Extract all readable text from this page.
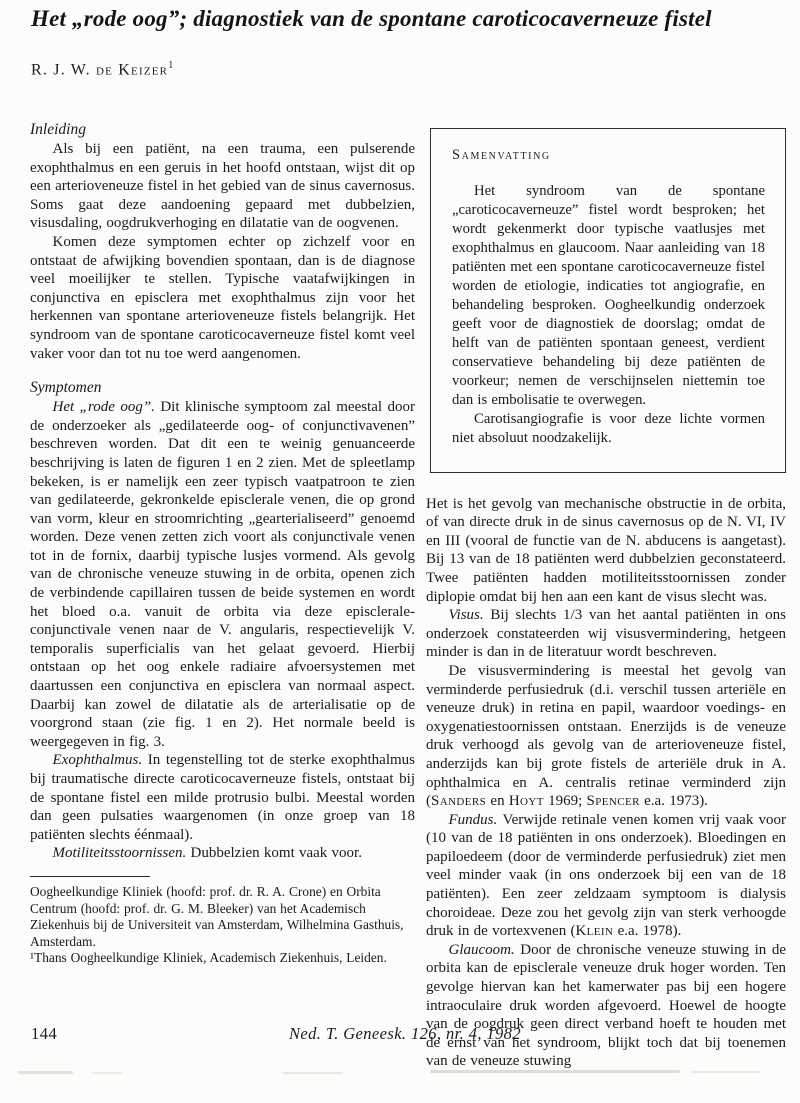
Het „rode oog”; diagnostiek van de spontane caroticocaverneuze fistel
R. J. W. de Keizer$^1$
Inleiding

Als bij een patiënt, na een trauma, een pulserende exophthalmus en een geruis in het hoofd ontstaan, wijst dit op een arterioveneuze fistel in het gebied van de sinus cavernosus. Soms gaat deze aandoening gepaard met dubbelzien, visusdaling, oogdrukverhoging en dilatatie van de oogvenen.

Komen deze symptomen echter op zichzelf voor en ontstaat de afwijking bovendien spontaan, dan is de diagnose veel moeilijker te stellen. Typische vaatafwijkingen in conjunctiva en episclera met exophthalmus zijn voor het herkennen van spontane arterioveneuze fistels belangrijk. Het syndroom van de spontane caroticocaverneuze fistel komt veel vaker voor dan tot nu toe werd aangenomen.

Symptomen

Het „rode oog”. Dit klinische symptoom zal meestal door de onderzoeker als „gedilateerde oog- of conjunctivavenen” beschreven worden. Dat dit een te weinig genuanceerde beschrijving is laten de figuren 1 en 2 zien. Met de spleetlamp bekeken, is er namelijk een zeer typisch vaatpatroon te zien van gedilateerde, gekronkelde episclerale venen, die op grond van vorm, kleur en stroomrichting „gearterialiseerd” genoemd worden. Deze venen zetten zich voort als conjunctivale venen tot in de fornix, daarbij typische lusjes vormend. Als gevolg van de chronische veneuze stuwing in de orbita, openen zich de verbindende capillairen tussen de beide systemen en wordt het bloed o.a. vanuit de orbita via deze episclerale-conjunctivale venen naar de V. angularis, respectievelijk V. temporalis superficialis van het gelaat gevoerd. Hierbij ontstaan op het oog enkele radiaire afvoersystemen met daartussen een conjunctiva en episclera van normaal aspect. Daarbij kan zowel de dilatatie als de arterialisatie op de voorgrond staan (zie fig. 1 en 2). Het normale beeld is weergegeven in fig. 3.

Exophthalmus. In tegenstelling tot de sterke exophthalmus bij traumatische directe caroticocaverneuze fistels, ontstaat bij de spontane fistel een milde protrusio bulbi. Meestal worden dan geen pulsaties waargenomen (in onze groep van 18 patiënten slechts éénmaal).

Motiliteitsstoornissen. Dubbelzien komt vaak voor.

Oogheelkundige Kliniek (hoofd: prof. dr. R. A. Crone) en Orbita Centrum (hoofd: prof. dr. G. M. Bleeker) van het Academisch Ziekenhuis bij de Universiteit van Amsterdam, Wilhelmina Gasthuis, Amsterdam.

¹Thans Oogheelkundige Kliniek, Academisch Ziekenhuis, Leiden.

Samenvatting

Het syndroom van de spontane „caroticocaverneuze” fistel wordt besproken; het wordt gekenmerkt door typische vaatlusjes met exophthalmus en glaucoom. Naar aanleiding van 18 patiënten met een spontane caroticocaverneuze fistel worden de etiologie, indicaties tot angiografie, en behandeling besproken. Oogheelkundig onderzoek geeft voor de diagnostiek de doorslag; omdat de helft van de patiënten spontaan geneest, verdient conservatieve behandeling bij deze patiënten de voorkeur; nemen de verschijnselen niettemin toe dan is embolisatie te overwegen.

Carotisangiografie is voor deze lichte vormen niet absoluut noodzakelijk.

Het is het gevolg van mechanische obstructie in de orbita, of van directe druk in de sinus cavernosus op de N. VI, IV en III (vooral de functie van de N. abducens is aangetast). Bij 13 van de 18 patiënten werd dubbelzien geconstateerd. Twee patiënten hadden motiliteitsstoornissen zonder diplopie omdat bij hen aan een kant de visus slecht was.

Visus. Bij slechts 1/3 van het aantal patiënten in ons onderzoek constateerden wij visusvermindering, hetgeen minder is dan in de literatuur wordt beschreven.

De visusvermindering is meestal het gevolg van verminderde perfusiedruk (d.i. verschil tussen arteriële en veneuze druk) in retina en papil, waardoor voedings- en oxygenatiestoornissen ontstaan. Enerzijds is de veneuze druk verhoogd als gevolg van de arterioveneuze fistel, anderzijds kan bij grote fistels de arteriële druk in A. ophthalmica en A. centralis retinae verminderd zijn (Sanders en Hoyt 1969; Spencer e.a. 1973).

Fundus. Verwijde retinale venen komen vrij vaak voor (10 van de 18 patiënten in ons onderzoek). Bloedingen en papiloedeem (door de verminderde perfusiedruk) ziet men veel minder vaak (in ons onderzoek bij een van de 18 patiënten). Een zeer zeldzaam symptoom is dialysis choroideae. Deze zou het gevolg zijn van sterk verhoogde druk in de vortexvenen (Klein e.a. 1978).

Glaucoom. Door de chronische veneuze stuwing in de orbita kan de episclerale veneuze druk hoger worden. Ten gevolge hiervan kan het kamerwater pas bij een hogere intraoculaire druk worden afgevoerd. Hoewel de hoogte van de oogdruk geen direct verband hoeft te houden met de ernst van het syndroom, blijkt toch dat bij toenemen van de veneuze stuwing

Ned. T. Geneesk. 126, nr. 4, 1982
144
